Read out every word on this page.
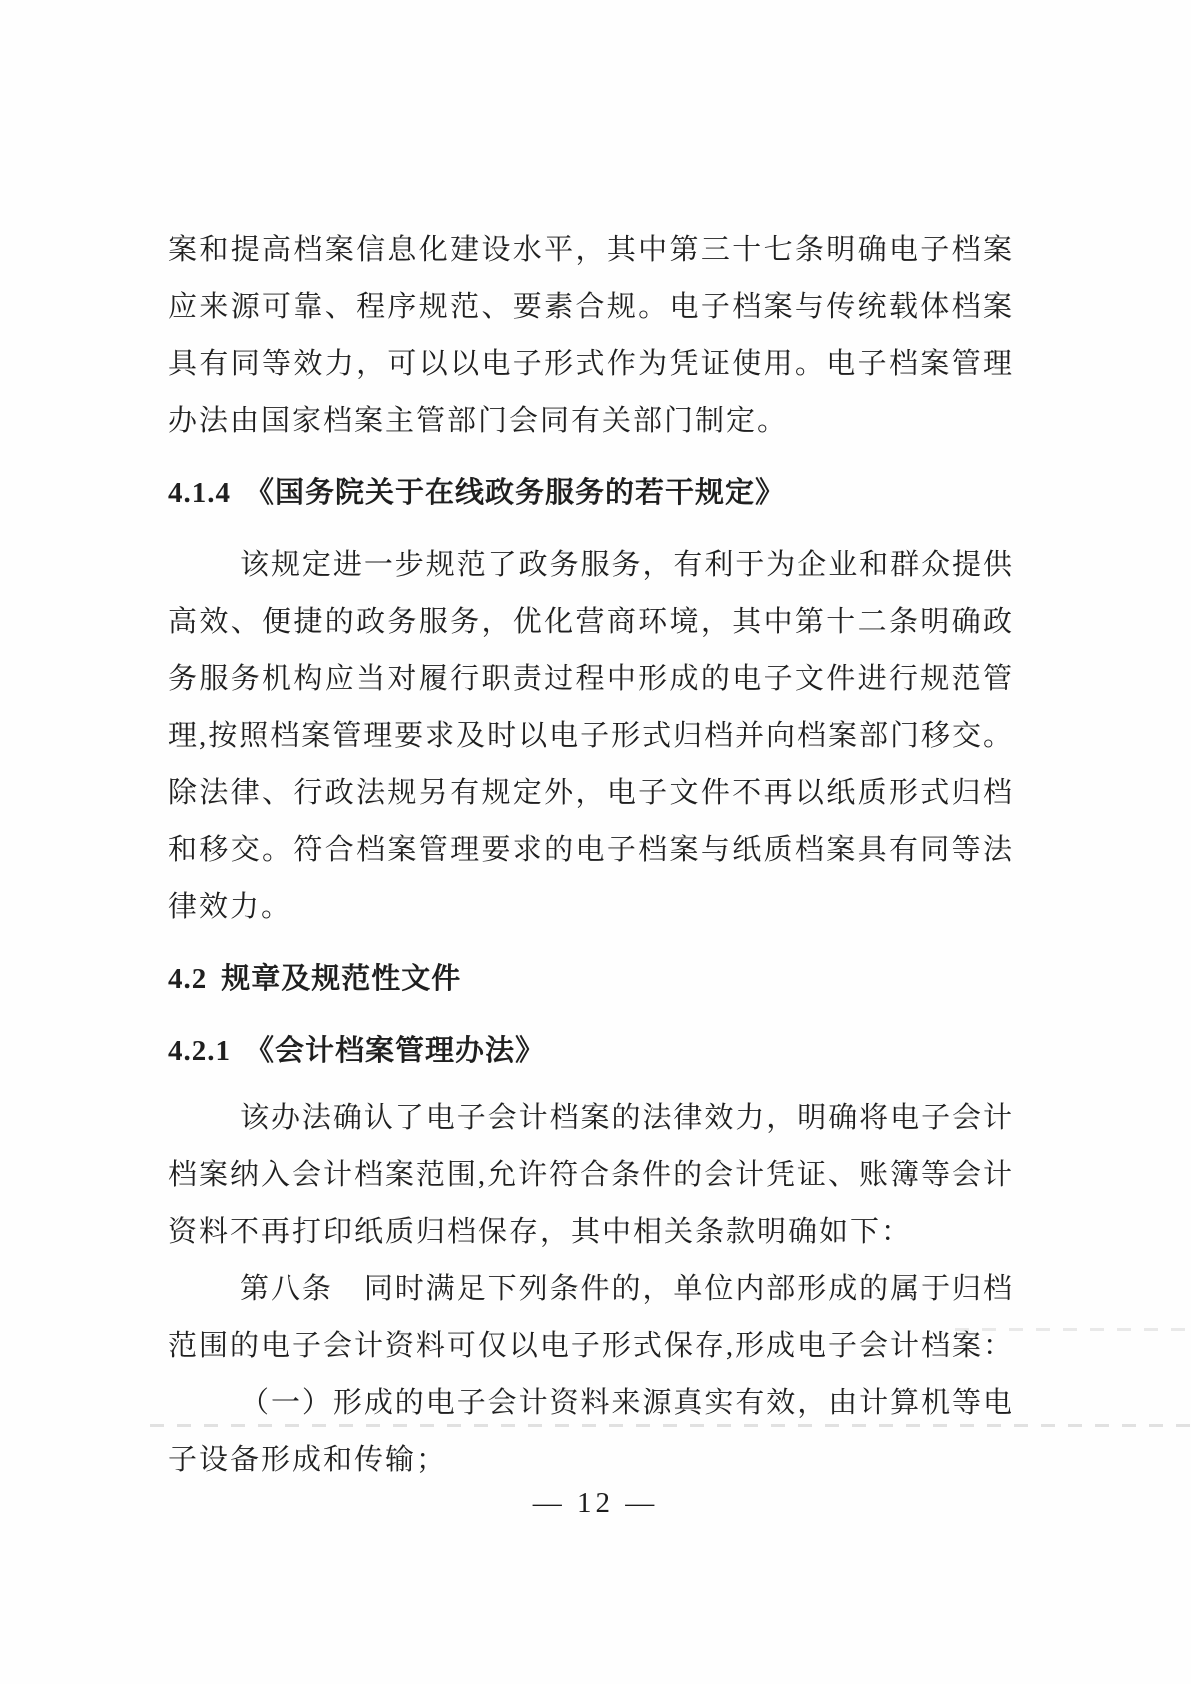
案和提高档案信息化建设水平，其中第三十七条明确电子档案
应来源可靠、程序规范、要素合规。电子档案与传统载体档案
具有同等效力，可以以电子形式作为凭证使用。电子档案管理
办法由国家档案主管部门会同有关部门制定。
4.1.4 《国务院关于在线政务服务的若干规定》
该规定进一步规范了政务服务，有利于为企业和群众提供
高效、便捷的政务服务，优化营商环境，其中第十二条明确政
务服务机构应当对履行职责过程中形成的电子文件进行规范管
理,按照档案管理要求及时以电子形式归档并向档案部门移交。
除法律、行政法规另有规定外，电子文件不再以纸质形式归档
和移交。符合档案管理要求的电子档案与纸质档案具有同等法
律效力。
4.2 规章及规范性文件
4.2.1 《会计档案管理办法》
该办法确认了电子会计档案的法律效力，明确将电子会计
档案纳入会计档案范围,允许符合条件的会计凭证、账簿等会计
资料不再打印纸质归档保存，其中相关条款明确如下：
第八条　同时满足下列条件的，单位内部形成的属于归档
范围的电子会计资料可仅以电子形式保存,形成电子会计档案：
（一）形成的电子会计资料来源真实有效，由计算机等电
子设备形成和传输；
— 12 —
